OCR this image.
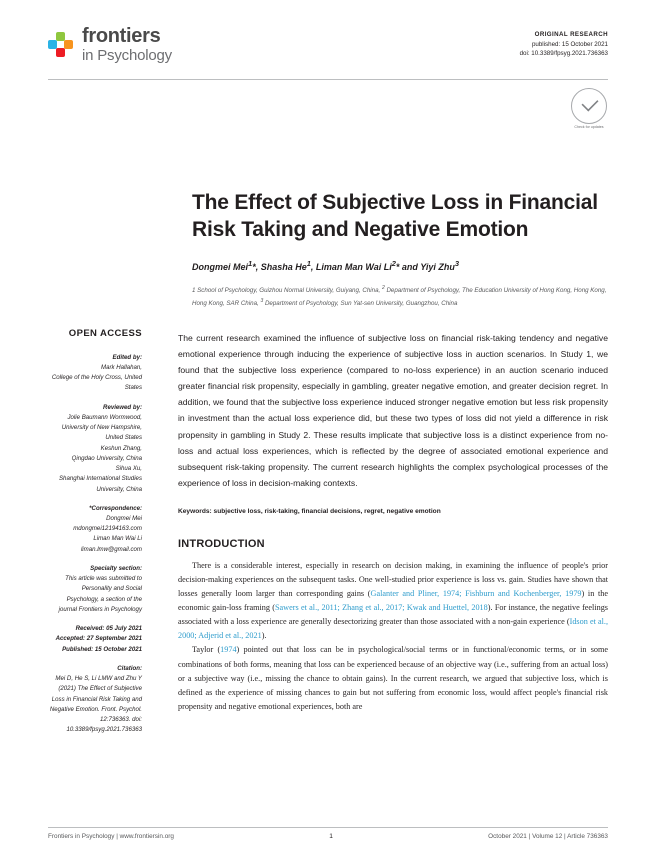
frontiers
in Psychology
ORIGINAL RESEARCH
published: 15 October 2021
doi: 10.3389/fpsyg.2021.736363
Check for updates
The Effect of Subjective Loss in Financial Risk Taking and Negative Emotion
Dongmei Mei$^1$*, Shasha He$^1$, Liman Man Wai Li$^2$* and Yiyi Zhu$^3$
1 School of Psychology, Guizhou Normal University, Guiyang, China, $^2$ Department of Psychology, The Education University of Hong Kong, Hong Kong, Hong Kong, SAR China, $^3$ Department of Psychology, Sun Yat-sen University, Guangzhou, China
OPEN ACCESS
Edited by:
Mark Hallahan,
College of the Holy Cross, United States
Reviewed by:
Jolie Baumann Wormwood,
University of New Hampshire, United States
Keshun Zhang,
Qingdao University, China
Sihua Xu,
Shanghai International Studies University, China
*Correspondence:
Dongmei Mei
mdongmei12194163.com
Liman Man Wai Li
liman.lmw@gmail.com
Specialty section:
This article was submitted to Personality and Social Psychology, a section of the journal Frontiers in Psychology
Received: 05 July 2021
Accepted: 27 September 2021
Published: 15 October 2021
Citation:
Mei D, He S, Li LMW and Zhu Y (2021) The Effect of Subjective Loss in Financial Risk Taking and Negative Emotion. Front. Psychol. 12:736363. doi: 10.3389/fpsyg.2021.736363
The current research examined the influence of subjective loss on financial risk-taking tendency and negative emotional experience through inducing the experience of subjective loss in auction scenarios. In Study 1, we found that the subjective loss experience (compared to no-loss experience) in an auction scenario induced greater financial risk propensity, especially in gambling, greater negative emotion, and greater decision regret. In addition, we found that the subjective loss experience induced stronger negative emotion but less risk propensity in investment than the actual loss experience did, but these two types of loss did not yield a difference in risk propensity in gambling in Study 2. These results implicate that subjective loss is a distinct experience from no-loss and actual loss experiences, which is reflected by the degree of associated emotional experience and subsequent risk-taking propensity. The current research highlights the complex psychological processes of the experience of loss in decision-making contexts.
Keywords: subjective loss, risk-taking, financial decisions, regret, negative emotion
INTRODUCTION

There is a considerable interest, especially in research on decision making, in examining the influence of people's prior decision-making experiences on the subsequent tasks. One well-studied prior experience is loss vs. gain. Studies have shown that losses generally loom larger than corresponding gains (Galanter and Pliner, 1974; Fishburn and Kochenberger, 1979) in the economic gain-loss framing (Sawers et al., 2011; Zhang et al., 2017; Kwak and Huettel, 2018). For instance, the negative feelings associated with a loss experience are generally desectorizing greater than those associated with a non-gain experience (Idson et al., 2000; Adjerid et al., 2021).

Taylor (1974) pointed out that loss can be in psychological/social terms or in functional/economic terms, or in some combinations of both forms, meaning that loss can be experienced because of an objective way (i.e., suffering from an actual loss) or a subjective way (i.e., missing the chance to obtain gains). In the current research, we argued that subjective loss, which is defined as the experience of missing chances to gain but not suffering from economic loss, would affect people's financial risk propensity and negative emotional experiences, both are

Frontiers in Psychology | www.frontiersin.org	1	October 2021 | Volume 12 | Article 736363
